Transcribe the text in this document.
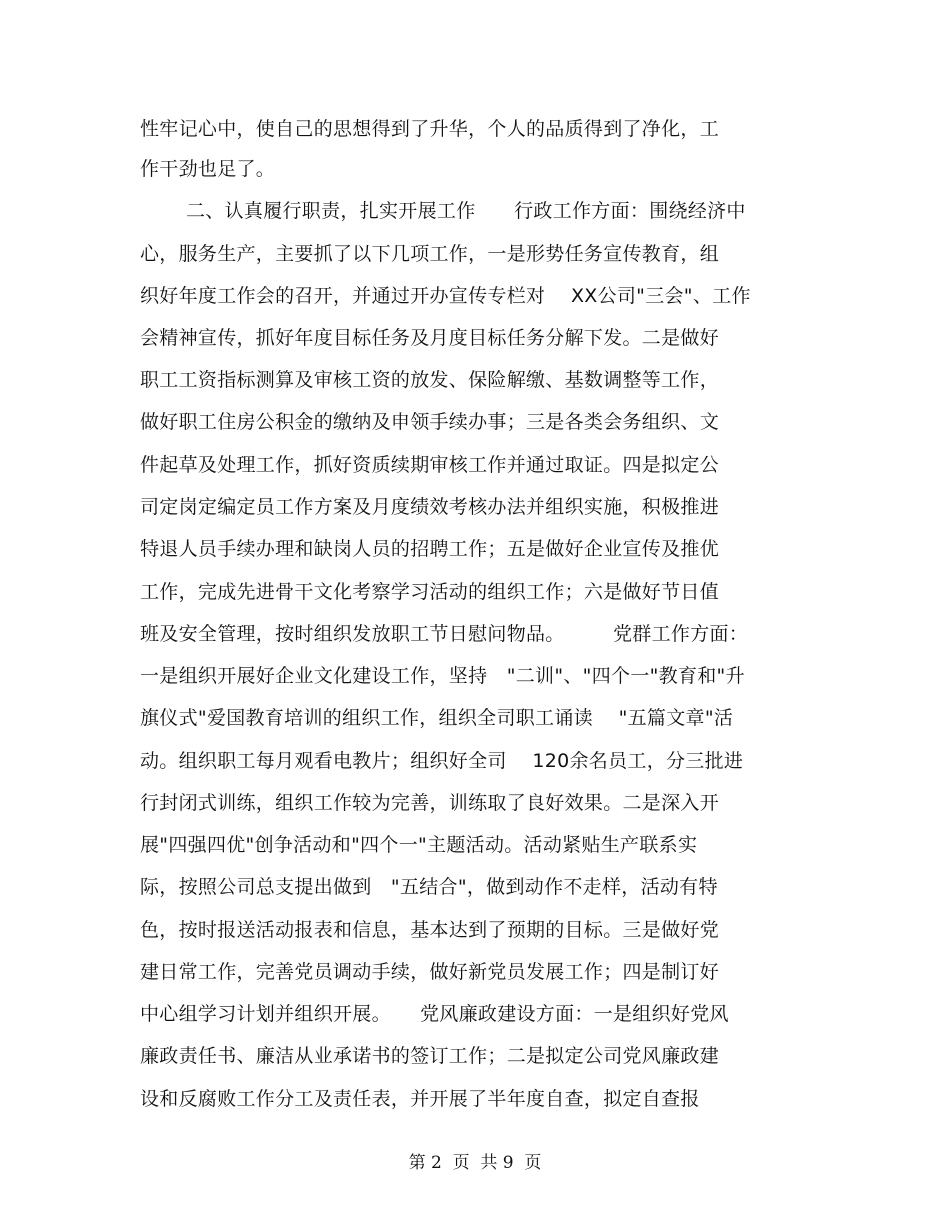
性牢记心中，使自己的思想得到了升华，个人的品质得到了净化，工
作干劲也足了。
二、认真履行职责，扎实开展工作　　行政工作方面：围绕经济中
心，服务生产，主要抓了以下几项工作，一是形势任务宣传教育，组
织好年度工作会的召开，并通过开办宣传专栏对　 XX公司"三会"、工作
会精神宣传，抓好年度目标任务及月度目标任务分解下发。二是做好
职工工资指标测算及审核工资的放发、保险解缴、基数调整等工作，
做好职工住房公积金的缴纳及申领手续办事；三是各类会务组织、文
件起草及处理工作，抓好资质续期审核工作并通过取证。四是拟定公
司定岗定编定员工作方案及月度绩效考核办法并组织实施，积极推进
特退人员手续办理和缺岗人员的招聘工作；五是做好企业宣传及推优
工作，完成先进骨干文化考察学习活动的组织工作；六是做好节日值
班及安全管理，按时组织发放职工节日慰问物品。　　　党群工作方面：
一是组织开展好企业文化建设工作，坚持　"二训"、"四个一"教育和"升
旗仪式"爱国教育培训的组织工作，组织全司职工诵读　 "五篇文章"活
动。组织职工每月观看电教片；组织好全司　 120余名员工，分三批进
行封闭式训练，组织工作较为完善，训练取了良好效果。二是深入开
展"四强四优"创争活动和"四个一"主题活动。活动紧贴生产联系实
际，按照公司总支提出做到　"五结合"，做到动作不走样，活动有特
色，按时报送活动报表和信息，基本达到了预期的目标。三是做好党
建日常工作，完善党员调动手续，做好新党员发展工作；四是制订好
中心组学习计划并组织开展。　　党风廉政建设方面：一是组织好党风
廉政责任书、廉洁从业承诺书的签订工作；二是拟定公司党风廉政建
设和反腐败工作分工及责任表，并开展了半年度自查，拟定自查报
第 2  页  共 9  页
